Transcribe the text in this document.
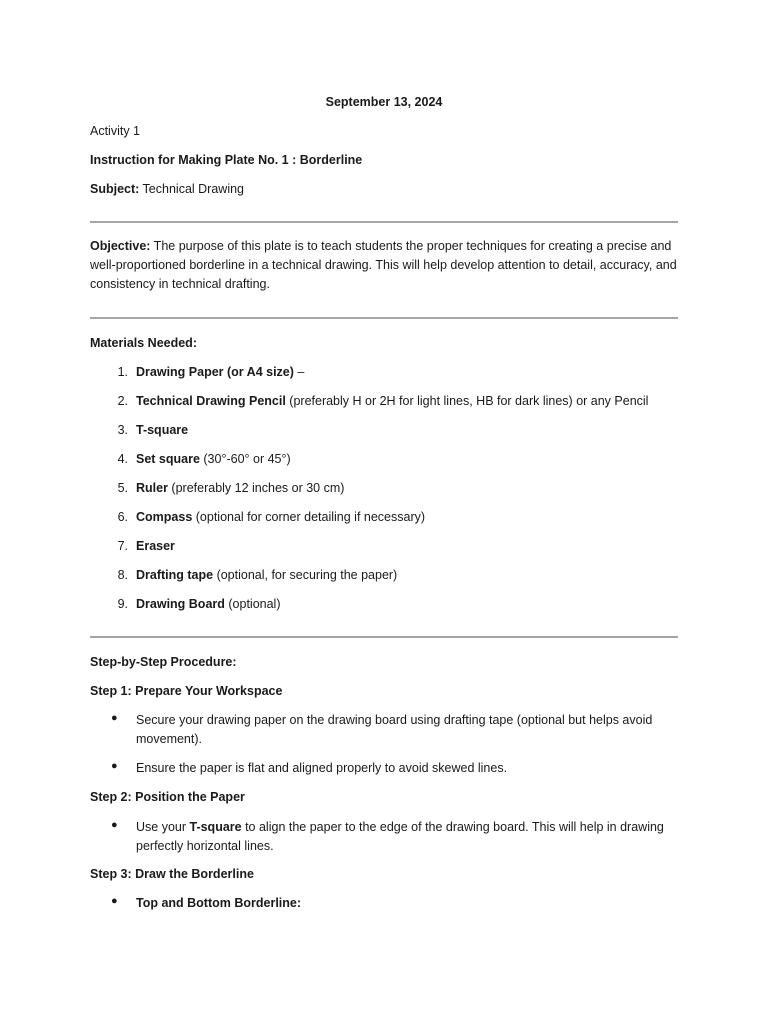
September 13, 2024
Activity 1
Instruction for Making Plate No. 1 : Borderline
Subject: Technical Drawing
Objective: The purpose of this plate is to teach students the proper techniques for creating a precise and well-proportioned borderline in a technical drawing. This will help develop attention to detail, accuracy, and consistency in technical drafting.
Materials Needed:
1. Drawing Paper (or A4 size) –
2. Technical Drawing Pencil (preferably H or 2H for light lines, HB for dark lines) or any Pencil
3. T-square
4. Set square (30°-60° or 45°)
5. Ruler (preferably 12 inches or 30 cm)
6. Compass (optional for corner detailing if necessary)
7. Eraser
8. Drafting tape (optional, for securing the paper)
9. Drawing Board (optional)
Step-by-Step Procedure:
Step 1: Prepare Your Workspace
● Secure your drawing paper on the drawing board using drafting tape (optional but helps avoid movement).
● Ensure the paper is flat and aligned properly to avoid skewed lines.
Step 2: Position the Paper
● Use your T-square to align the paper to the edge of the drawing board. This will help in drawing perfectly horizontal lines.
Step 3: Draw the Borderline
● Top and Bottom Borderline:
